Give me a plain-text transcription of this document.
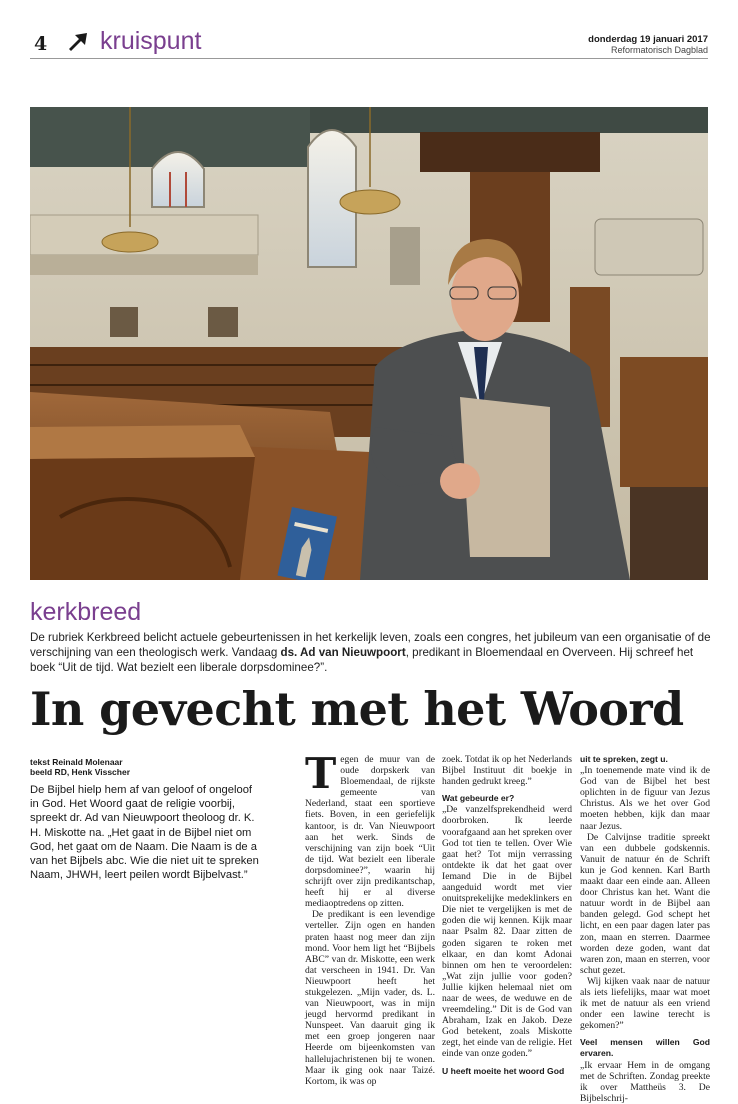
4 kruispunt	donderdag 19 januari 2017
Reformatorisch Dagblad
kerkbreed
De rubriek Kerkbreed belicht actuele gebeurtenissen in het kerkelijk leven, zoals een congres, het jubileum van een organisatie of de verschijning van een theologisch werk. Vandaag ds. Ad van Nieuwpoort, predikant in Bloemendaal en Overveen. Hij schreef het boek “Uit de tijd. Wat bezielt een liberale dorpsdominee?”.
In gevecht met het Woord
tekst Reinald Molenaar
beeld RD, Henk Visscher
De Bijbel hielp hem af van geloof of ongeloof in God. Het Woord gaat de religie voorbij, spreekt dr. Ad van Nieuwpoort theoloog dr. K. H. Miskotte na. „Het gaat in de Bijbel niet om God, het gaat om de Naam. Die Naam is de a van het Bijbels abc. Wie die niet uit te spreken Naam, JHWH, leert peilen wordt Bijbelvast.”
T egen de muur van de oude dorpskerk van Bloemendaal, de rijkste gemeente van Nederland, staat een sportieve fiets. Boven, in een geriefelijk kantoor, is dr. Van Nieuwpoort aan het werk. Sinds de verschijning van zijn boek “Uit de tijd. Wat bezielt een liberale dorpsdominee?”, waarin hij schrijft over zijn predikantschap, heeft hij er al diverse mediaoptredens op zitten.

De predikant is een levendige verteller. Zijn ogen en handen praten haast nog meer dan zijn mond. Voor hem ligt het “Bijbels ABC” van dr. Miskotte, een werk dat verscheen in 1941. Dr. Van Nieuwpoort heeft het stukgelezen. „Mijn vader, ds. L. van Nieuwpoort, was in mijn jeugd hervormd predikant in Nunspeet. Van daaruit ging ik met een groep jongeren naar Heerde om bijeenkomsten van hallelujachristenen bij te wonen. Maar ik ging ook naar Taizé. Kortom, ik was op

zoek. Totdat ik op het Nederlands Bijbel Instituut dit boekje in handen gedrukt kreeg.”

Wat gebeurde er?

„De vanzelfsprekendheid werd doorbroken. Ik leerde voorafgaand aan het spreken over God tot tien te tellen. Over Wie gaat het? Tot mijn verrassing ontdekte ik dat het gaat over Iemand Die in de Bijbel aangeduid wordt met vier onuitsprekelijke medeklinkers en Die niet te vergelijken is met de goden die wij kennen. Kijk maar naar Psalm 82. Daar zitten de goden sigaren te roken met elkaar, en dan komt Adonai binnen om hen te veroordelen: „Wat zijn jullie voor goden? Jullie kijken helemaal niet om naar de wees, de weduwe en de vreemdeling.” Dit is de God van Abraham, Izak en Jakob. Deze God betekent, zoals Miskotte zegt, het einde van de religie. Het einde van onze goden.”

U heeft moeite het woord God
uit te spreken, zegt u.

„In toenemende mate vind ik de God van de Bijbel het best oplichten in de figuur van Jezus Christus. Als we het over God moeten hebben, kijk dan maar naar Jezus.

De Calvijnse traditie spreekt van een dubbele godskennis. Vanuit de natuur én de Schrift kun je God kennen. Karl Barth maakt daar een einde aan. Alleen door Christus kan het. Want die natuur wordt in de Bijbel aan banden gelegd. God schept het licht, en een paar dagen later pas zon, maan en sterren. Daarmee worden deze goden, want dat waren zon, maan en sterren, voor schut gezet.

Wij kijken vaak naar de natuur als iets liefelijks, maar wat moet ik met de natuur als een vriend onder een lawine terecht is gekomen?”

Veel mensen willen God ervaren.

„Ik ervaar Hem in de omgang met de Schriften. Zondag preekte ik over Mattheüs 3. De Bijbelschrij-
